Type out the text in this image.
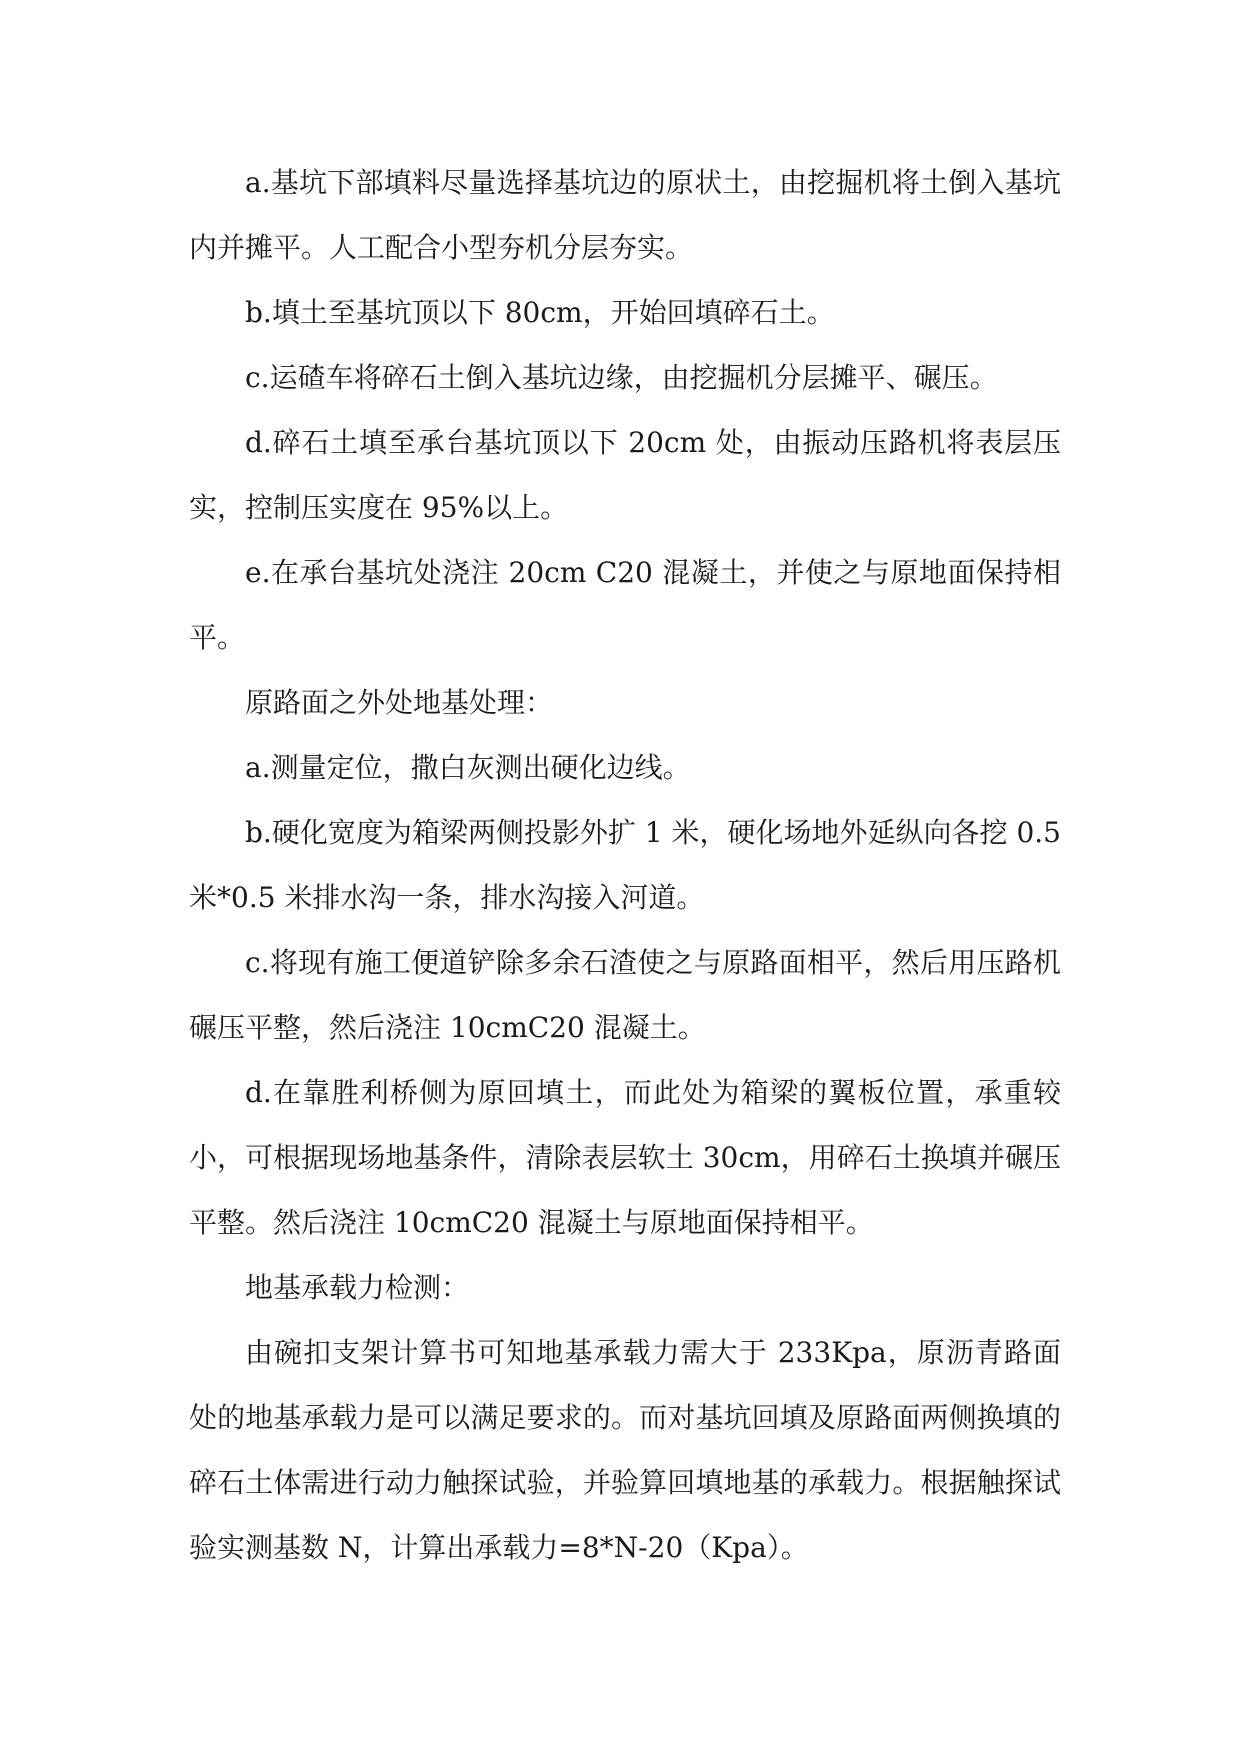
a.基坑下部填料尽量选择基坑边的原状土，由挖掘机将土倒入基坑内并摊平。人工配合小型夯机分层夯实。

b.填土至基坑顶以下 80cm，开始回填碎石土。

c.运碴车将碎石土倒入基坑边缘，由挖掘机分层摊平、碾压。

d.碎石土填至承台基坑顶以下 20cm 处，由振动压路机将表层压实，控制压实度在 95%以上。

e.在承台基坑处浇注 20cm C20 混凝土，并使之与原地面保持相平。

原路面之外处地基处理：

a.测量定位，撒白灰测出硬化边线。

b.硬化宽度为箱梁两侧投影外扩 1 米，硬化场地外延纵向各挖 0.5 米*0.5 米排水沟一条，排水沟接入河道。

c.将现有施工便道铲除多余石渣使之与原路面相平，然后用压路机碾压平整，然后浇注 10cmC20 混凝土。

d.在靠胜利桥侧为原回填土，而此处为箱梁的翼板位置，承重较小，可根据现场地基条件，清除表层软土 30cm，用碎石土换填并碾压平整。然后浇注 10cmC20 混凝土与原地面保持相平。

地基承载力检测：

由碗扣支架计算书可知地基承载力需大于 233Kpa，原沥青路面处的地基承载力是可以满足要求的。而对基坑回填及原路面两侧换填的碎石土体需进行动力触探试验，并验算回填地基的承载力。根据触探试验实测基数 N，计算出承载力=8*N-20（Kpa）。
